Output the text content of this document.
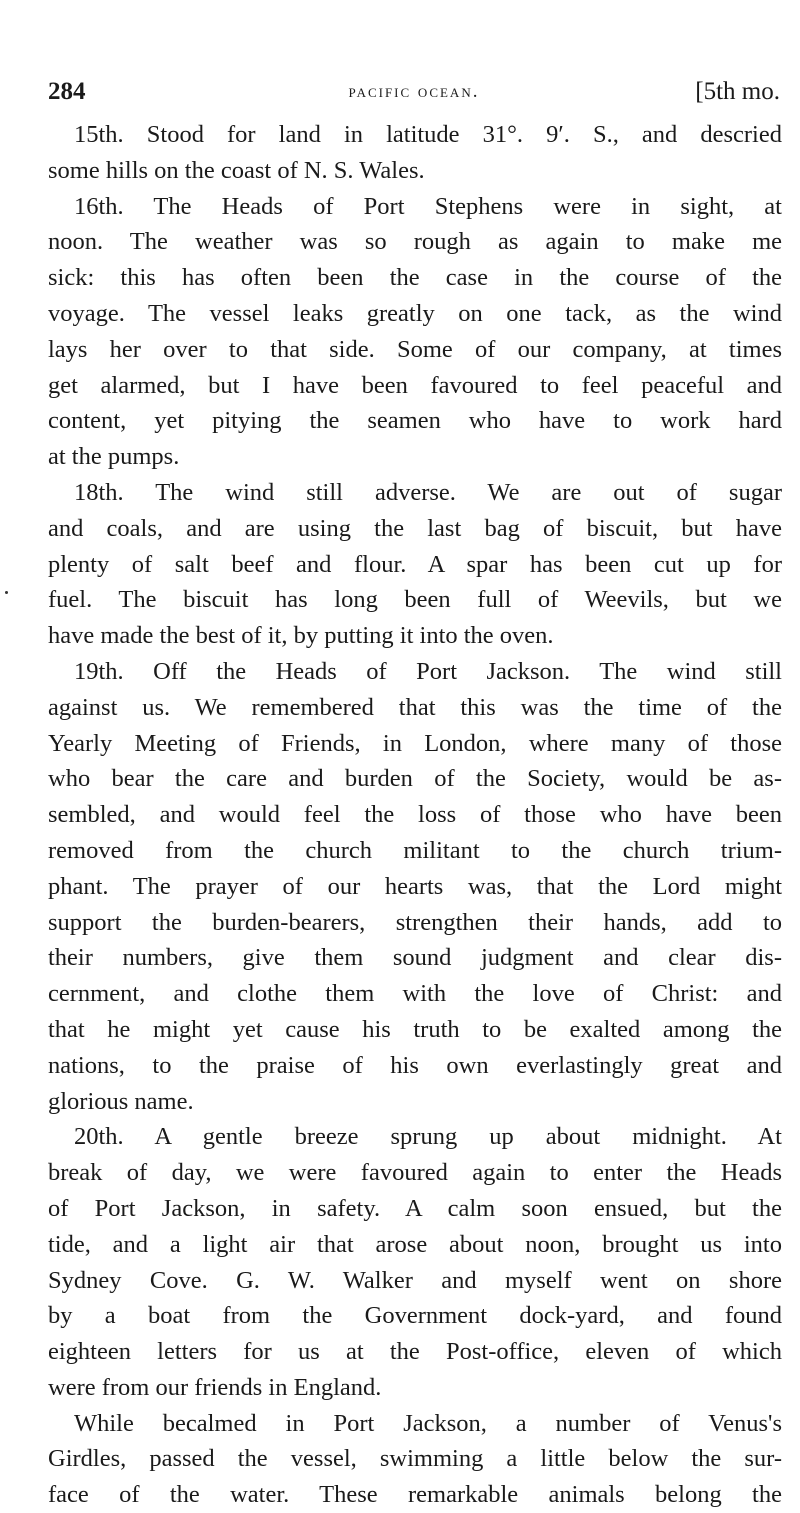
284	pacific ocean.	[5th mo.
15th. Stood for land in latitude 31°. 9′. S., and descried
some hills on the coast of N. S. Wales.
16th. The Heads of Port Stephens were in sight, at
noon. The weather was so rough as again to make me
sick: this has often been the case in the course of the
voyage. The vessel leaks greatly on one tack, as the wind
lays her over to that side. Some of our company, at times
get alarmed, but I have been favoured to feel peaceful and
content, yet pitying the seamen who have to work hard
at the pumps.
18th. The wind still adverse. We are out of sugar
and coals, and are using the last bag of biscuit, but have
plenty of salt beef and flour. A spar has been cut up for
fuel. The biscuit has long been full of Weevils, but we
have made the best of it, by putting it into the oven.
19th. Off the Heads of Port Jackson. The wind still
against us. We remembered that this was the time of the
Yearly Meeting of Friends, in London, where many of those
who bear the care and burden of the Society, would be as-
sembled, and would feel the loss of those who have been
removed from the church militant to the church trium-
phant. The prayer of our hearts was, that the Lord might
support the burden-bearers, strengthen their hands, add to
their numbers, give them sound judgment and clear dis-
cernment, and clothe them with the love of Christ: and
that he might yet cause his truth to be exalted among the
nations, to the praise of his own everlastingly great and
glorious name.
20th. A gentle breeze sprung up about midnight. At
break of day, we were favoured again to enter the Heads
of Port Jackson, in safety. A calm soon ensued, but the
tide, and a light air that arose about noon, brought us into
Sydney Cove. G. W. Walker and myself went on shore
by a boat from the Government dock-yard, and found
eighteen letters for us at the Post-office, eleven of which
were from our friends in England.
While becalmed in Port Jackson, a number of Venus's
Girdles, passed the vessel, swimming a little below the sur-
face of the water. These remarkable animals belong the
